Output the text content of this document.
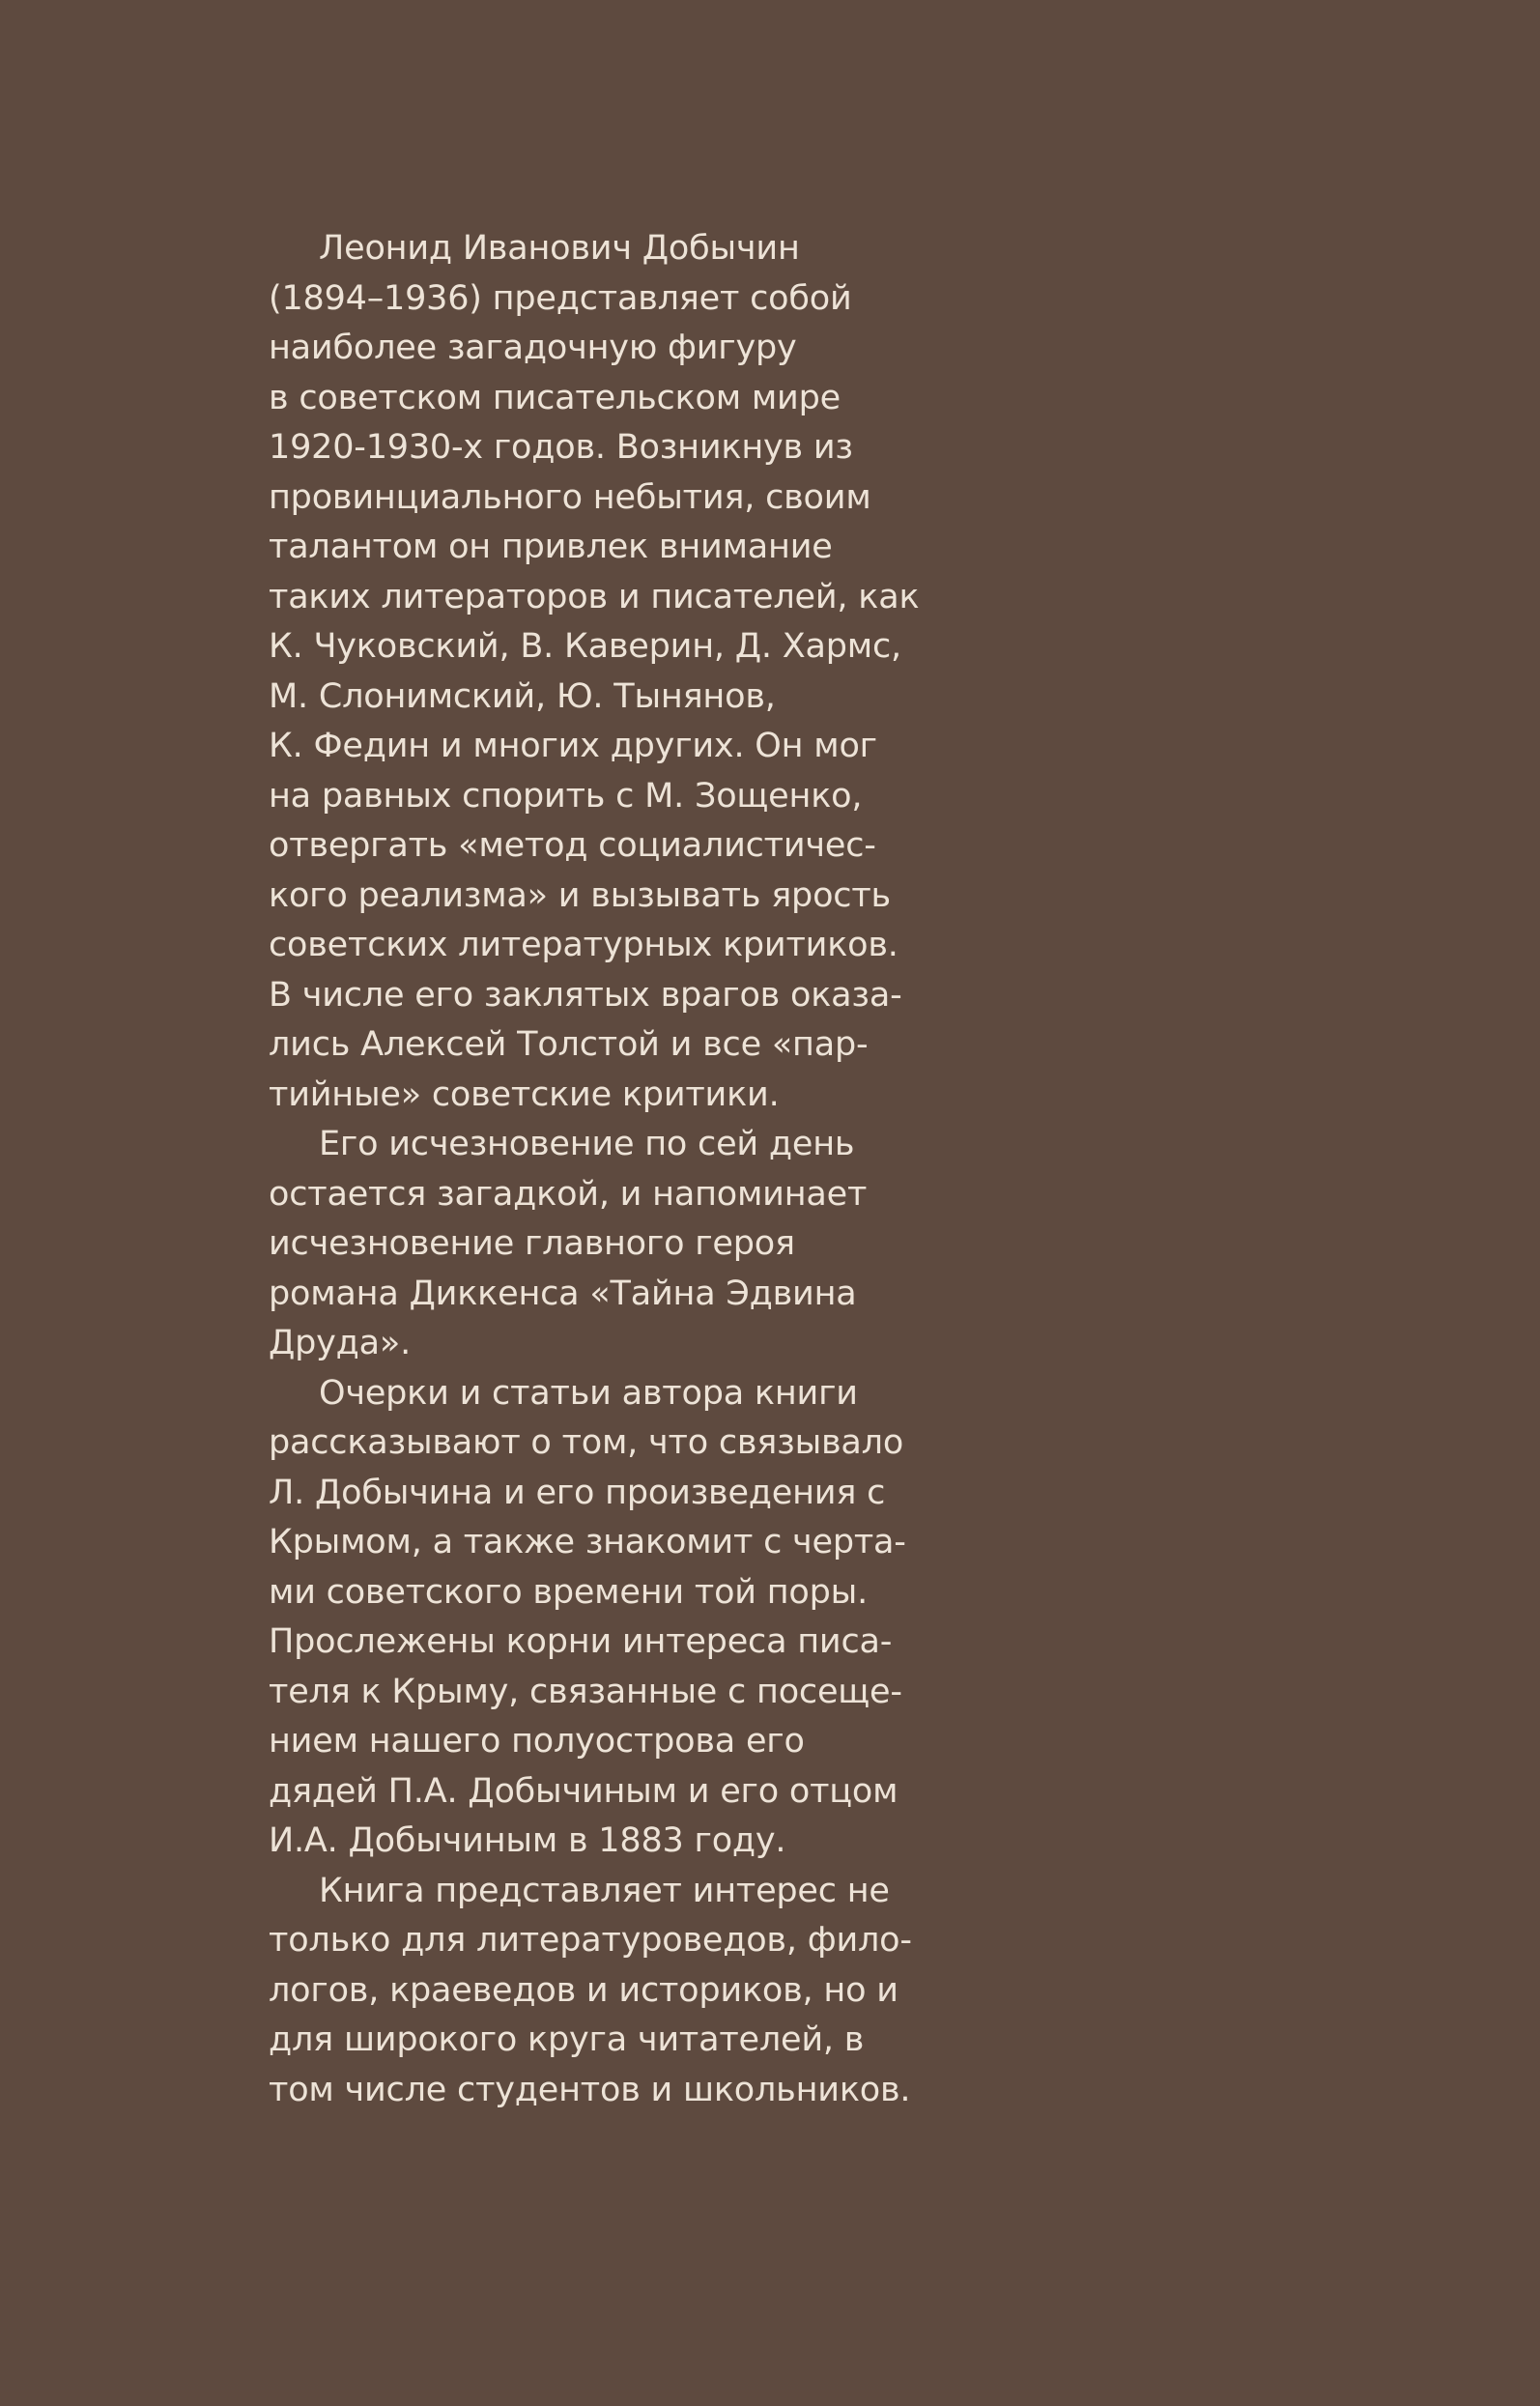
Леонид Иванович Добычин
(1894–1936) представляет собой
наиболее загадочную фигуру
в советском писательском мире
1920-1930-х годов. Возникнув из
провинциального небытия, своим
талантом он привлек внимание
таких литераторов и писателей, как
К. Чуковский, В. Каверин, Д. Хармс,
М. Слонимский, Ю. Тынянов,
К. Федин и многих других. Он мог
на равных спорить с М. Зощенко,
отвергать «метод социалистичес-
кого реализма» и вызывать ярость
советских литературных критиков.
В числе его заклятых врагов оказа-
лись Алексей Толстой и все «пар-
тийные» советские критики.
Его исчезновение по сей день
остается загадкой, и напоминает
исчезновение главного героя
романа Диккенса «Тайна Эдвина
Друда».
Очерки и статьи автора книги
рассказывают о том, что связывало
Л. Добычина и его произведения с
Крымом, а также знакомит с черта-
ми советского времени той поры.
Прослежены корни интереса писа-
теля к Крыму, связанные с посеще-
нием нашего полуострова его
дядей П.А. Добычиным и его отцом
И.А. Добычиным в 1883 году.
Книга представляет интерес не
только для литературоведов, фило-
логов, краеведов и историков, но и
для широкого круга читателей, в
том числе студентов и школьников.
